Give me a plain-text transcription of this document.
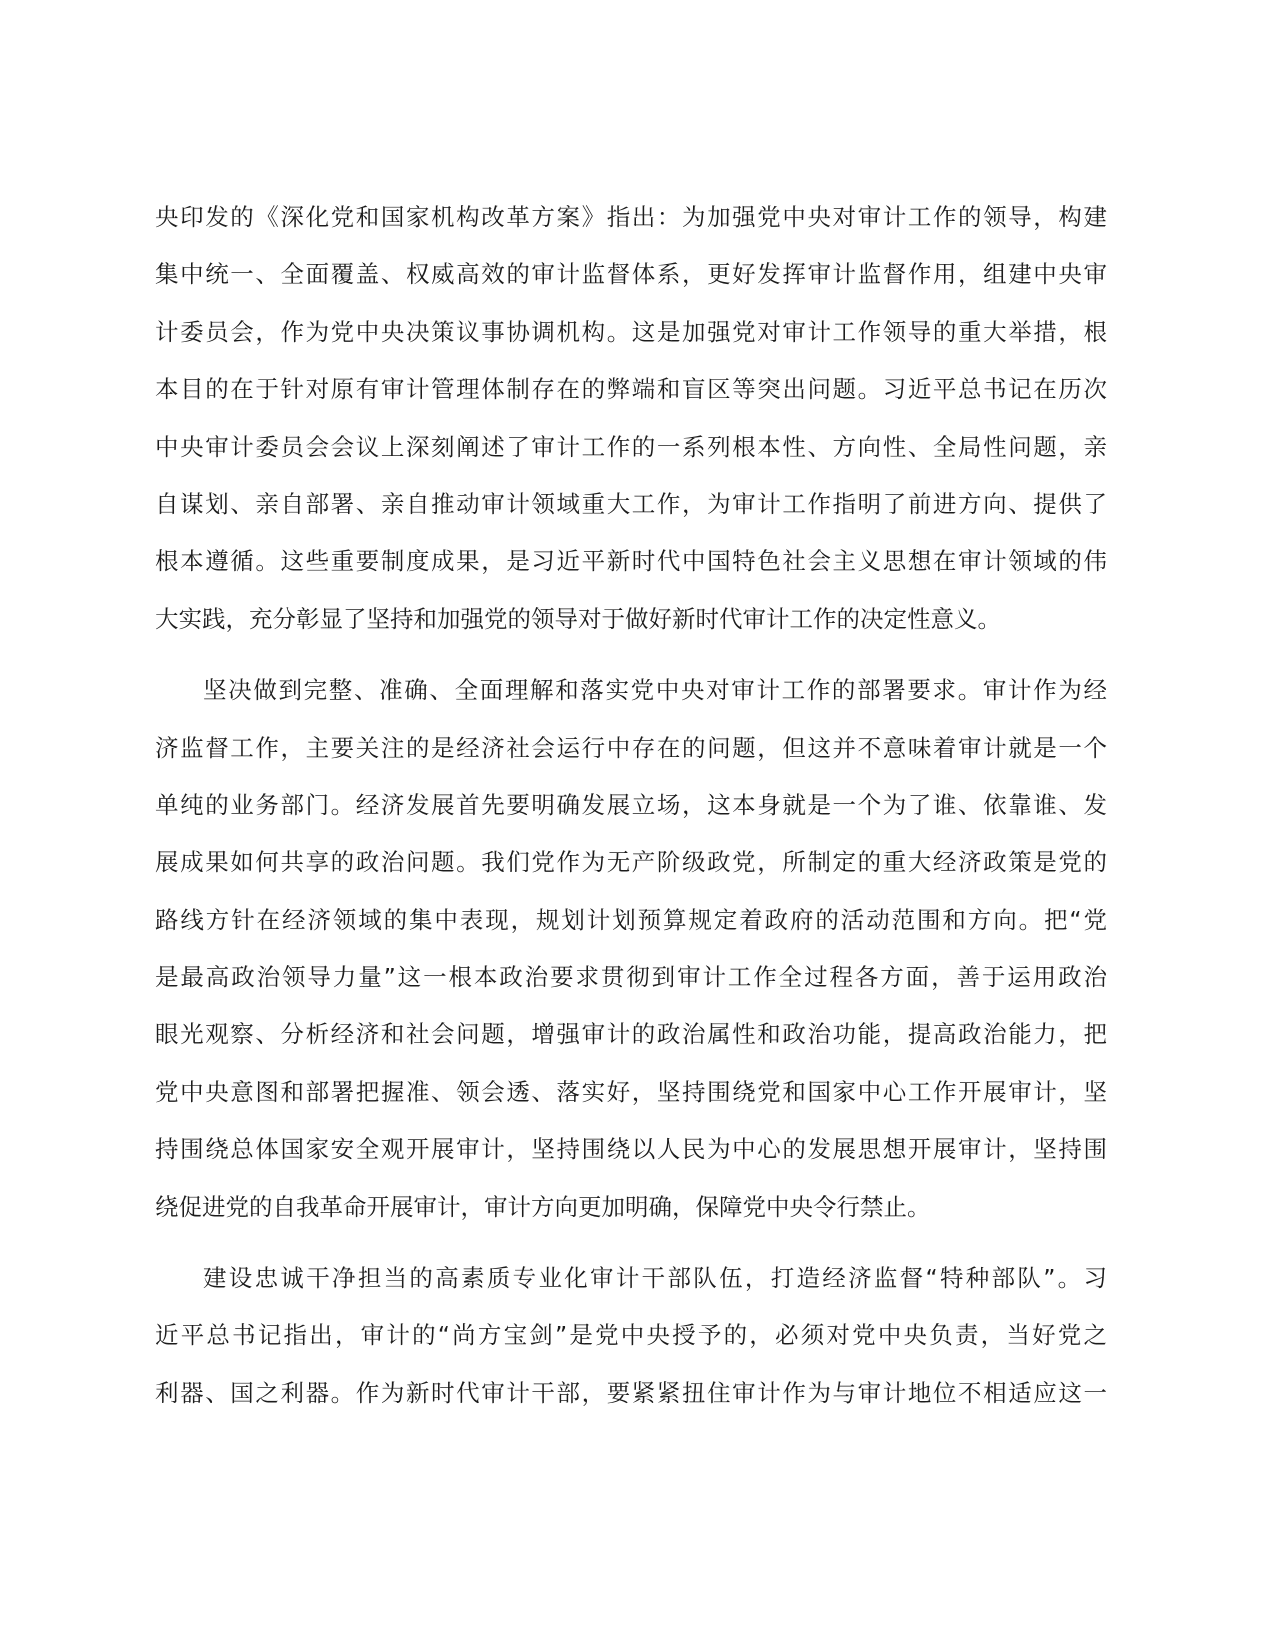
央印发的《深化党和国家机构改革方案》指出：为加强党中央对审计工作的领导，构建
集中统一、全面覆盖、权威高效的审计监督体系，更好发挥审计监督作用，组建中央审
计委员会，作为党中央决策议事协调机构。这是加强党对审计工作领导的重大举措，根
本目的在于针对原有审计管理体制存在的弊端和盲区等突出问题。习近平总书记在历次
中央审计委员会会议上深刻阐述了审计工作的一系列根本性、方向性、全局性问题，亲
自谋划、亲自部署、亲自推动审计领域重大工作，为审计工作指明了前进方向、提供了
根本遵循。这些重要制度成果，是习近平新时代中国特色社会主义思想在审计领域的伟
大实践，充分彰显了坚持和加强党的领导对于做好新时代审计工作的决定性意义。
坚决做到完整、准确、全面理解和落实党中央对审计工作的部署要求。审计作为经
济监督工作，主要关注的是经济社会运行中存在的问题，但这并不意味着审计就是一个
单纯的业务部门。经济发展首先要明确发展立场，这本身就是一个为了谁、依靠谁、发
展成果如何共享的政治问题。我们党作为无产阶级政党，所制定的重大经济政策是党的
路线方针在经济领域的集中表现，规划计划预算规定着政府的活动范围和方向。把“党
是最高政治领导力量”这一根本政治要求贯彻到审计工作全过程各方面，善于运用政治
眼光观察、分析经济和社会问题，增强审计的政治属性和政治功能，提高政治能力，把
党中央意图和部署把握准、领会透、落实好，坚持围绕党和国家中心工作开展审计，坚
持围绕总体国家安全观开展审计，坚持围绕以人民为中心的发展思想开展审计，坚持围
绕促进党的自我革命开展审计，审计方向更加明确，保障党中央令行禁止。
建设忠诚干净担当的高素质专业化审计干部队伍，打造经济监督“特种部队”。习
近平总书记指出，审计的“尚方宝剑”是党中央授予的，必须对党中央负责，当好党之
利器、国之利器。作为新时代审计干部，要紧紧扭住审计作为与审计地位不相适应这一
